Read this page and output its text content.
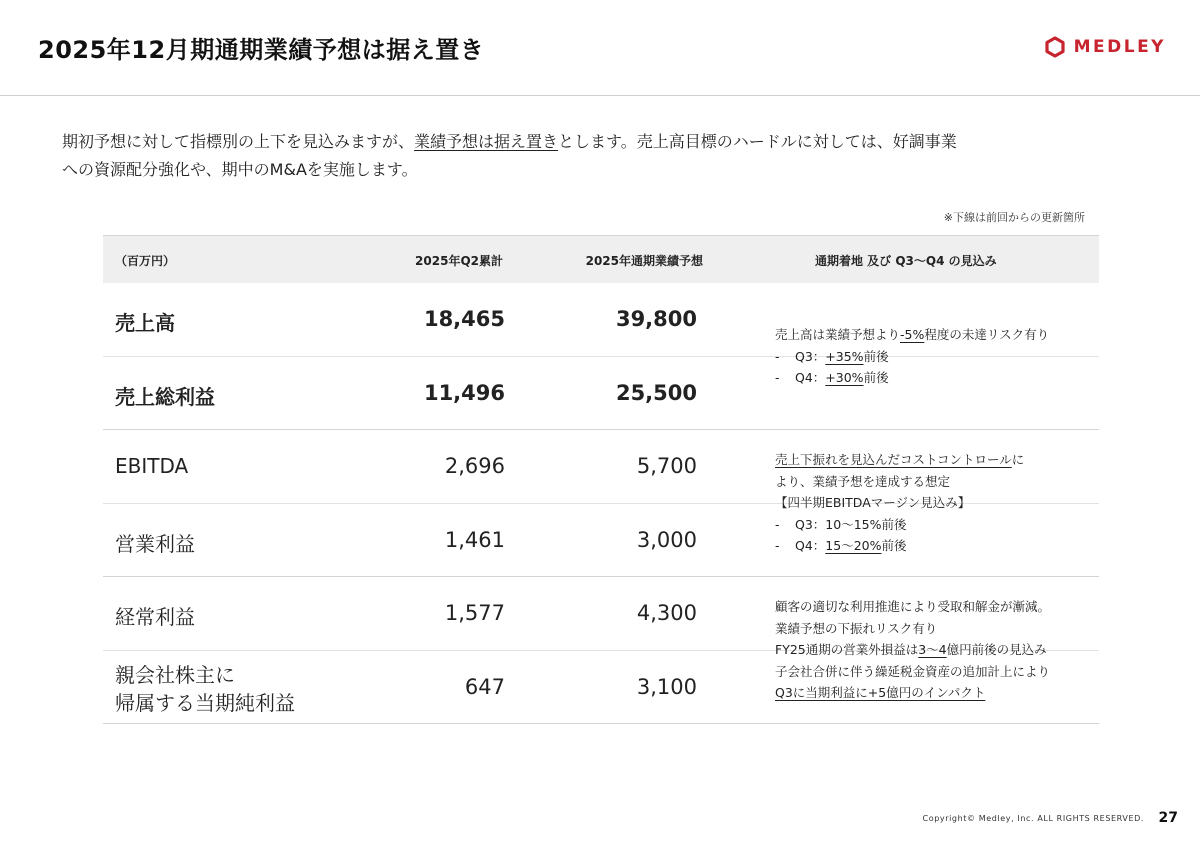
2025年12月期通期業績予想は据え置き	MEDLEY
期初予想に対して指標別の上下を見込みますが、業績予想は据え置きとします。売上高目標のハードルに対しては、好調事業
への資源配分強化や、期中のM&Aを実施します。
※下線は前回からの更新箇所
（百万円）	2025年Q2累計	2025年通期業績予想	通期着地 及び Q3〜Q4 の見込み
売上高	18,465	39,800
売上総利益	11,496	25,500
売上高は業績予想より-5%程度の未達リスク有り
- Q3：+35%前後
- Q4：+30%前後
EBITDA	2,696	5,700
営業利益	1,461	3,000
売上下振れを見込んだコストコントロールに
より、業績予想を達成する想定
【四半期EBITDAマージン見込み】
- Q3：10〜15%前後
- Q4：15〜20%前後
経常利益	1,577	4,300
親会社株主に
帰属する当期純利益
647	3,100
顧客の適切な利用推進により受取和解金が漸減。
業績予想の下振れリスク有り
FY25通期の営業外損益は3〜4億円前後の見込み
子会社合併に伴う繰延税金資産の追加計上により
Q3に当期利益に+5億円のインパクト
Copyright© Medley, Inc. ALL RIGHTS RESERVED. 27
